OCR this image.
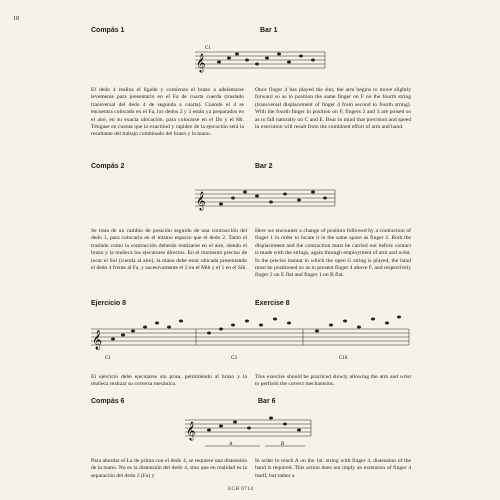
18
Compás 1	Bar 1
𝄞
C1
El dedo 4 realiza el ligado y comienza el brazo a adelantarse levemente para presentarlo en el Fa de cuarta cuerda (traslado transversal del dedo 4 de segunda a cuarta). Cuando el 4 se encuentra colocado en el Fa, los dedos 2 y 3 están ya preparados en el aire, en su exacta ubicación, para colocarse en el Do y el Mi. Téngase en cuenta que la exactitud y rapidez de la ejecución será la resultante del trabajo combinado del brazo y la mano.
Once finger 4 has played the slur, the arm begins to move slightly forward so as to position the same finger on F on the fourth string (transversal displacement of finger 4 from second to fourth string). With the fourth finger in position on F, fingers 2 and 3 are poised so as to fall naturally on C and E. Bear in mind that precision and speed in execution will result from the combined effort of arm and hand.
Compás 2	Bar 2
𝄞
Se trata de un cambio de posición seguido de una contracción del dedo 1, para colocarlo en el mismo espacio que el dedo 2. Tanto el traslado como la contracción deberán realizarse en el aire, siendo el brazo y la muñeca los ejecutores directos. En el momento preciso de tocar el Sol (cuerda al aire), la mano debe estar ubicada presentando el dedo 4 frente al Fa, y sucesivamente el 2 en el Mib y el 1 en el Sib.
Here we encounter a change of position followed by a contraction of finger 1 in order to locate it in the same space as finger 2. Both the displacement and the contraction must be carried out before contact is made with the strings, again through employment of arm and wrist. In the precise instant in which the open G string is played, the hand must be positioned so as to present finger 4 above F, and respectively finger 2 on E flat and finger 1 on B flat.
Ejercicio 8	Exercise 8
𝄞
C1	C3	C10
El ejercicio debe ejecutarse sin prisa, permitiendo al brazo y la muñeca realizar su correcta mecánica.
This exercise should be practiced slowly allowing the arm and wrist to perform the correct mechanisms.
Compás 6	Bar 6
𝄞
A	B
Para abordar el La de prima con el dedo 4, se requiere una distensión de la mano. No es la distensión del dedo 4, sino que en realidad es la separación del dedo 2 (Fa) y
In order to reach A on the 1st. string with finger 4, distension of the hand is required. This action does not imply an extension of finger 4 itself, but rather a
ECH 0714
